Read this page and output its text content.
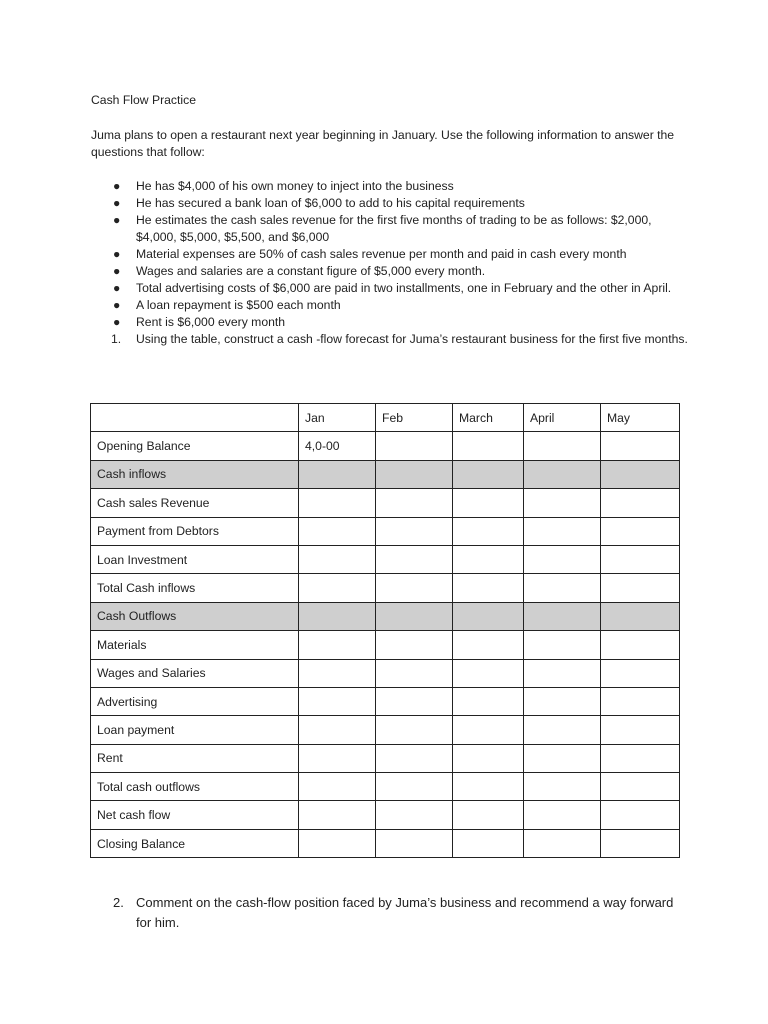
Cash Flow Practice
Juma plans to open a restaurant next year beginning in January. Use the following information to answer the questions that follow:
●	He has $4,000 of his own money to inject into the business
●	He has secured a bank loan of $6,000 to add to his capital requirements
●	He estimates the cash sales revenue for the first five months of trading to be as follows: $2,000, $4,000, $5,000, $5,500, and $6,000
●	Material expenses are 50% of cash sales revenue per month and paid in cash every month
●	Wages and salaries are a constant figure of $5,000 every month.
●	Total advertising costs of $6,000 are paid in two installments, one in February and the other in April.
●	A loan repayment is $500 each month
●	Rent is $6,000 every month
1.	Using the table, construct a cash -flow forecast for Juma’s restaurant business for the first five months.
	Jan	Feb	March	April	May
Opening Balance	4,0-00				
Cash inflows					
Cash sales Revenue					
Payment from Debtors					
Loan Investment					
Total Cash inflows					
Cash Outflows					
Materials					
Wages and Salaries					
Advertising					
Loan payment					
Rent					
Total cash outflows					
Net cash flow					
Closing Balance					
2. Comment on the cash-flow position faced by Juma’s business and recommend a way forward for him.
